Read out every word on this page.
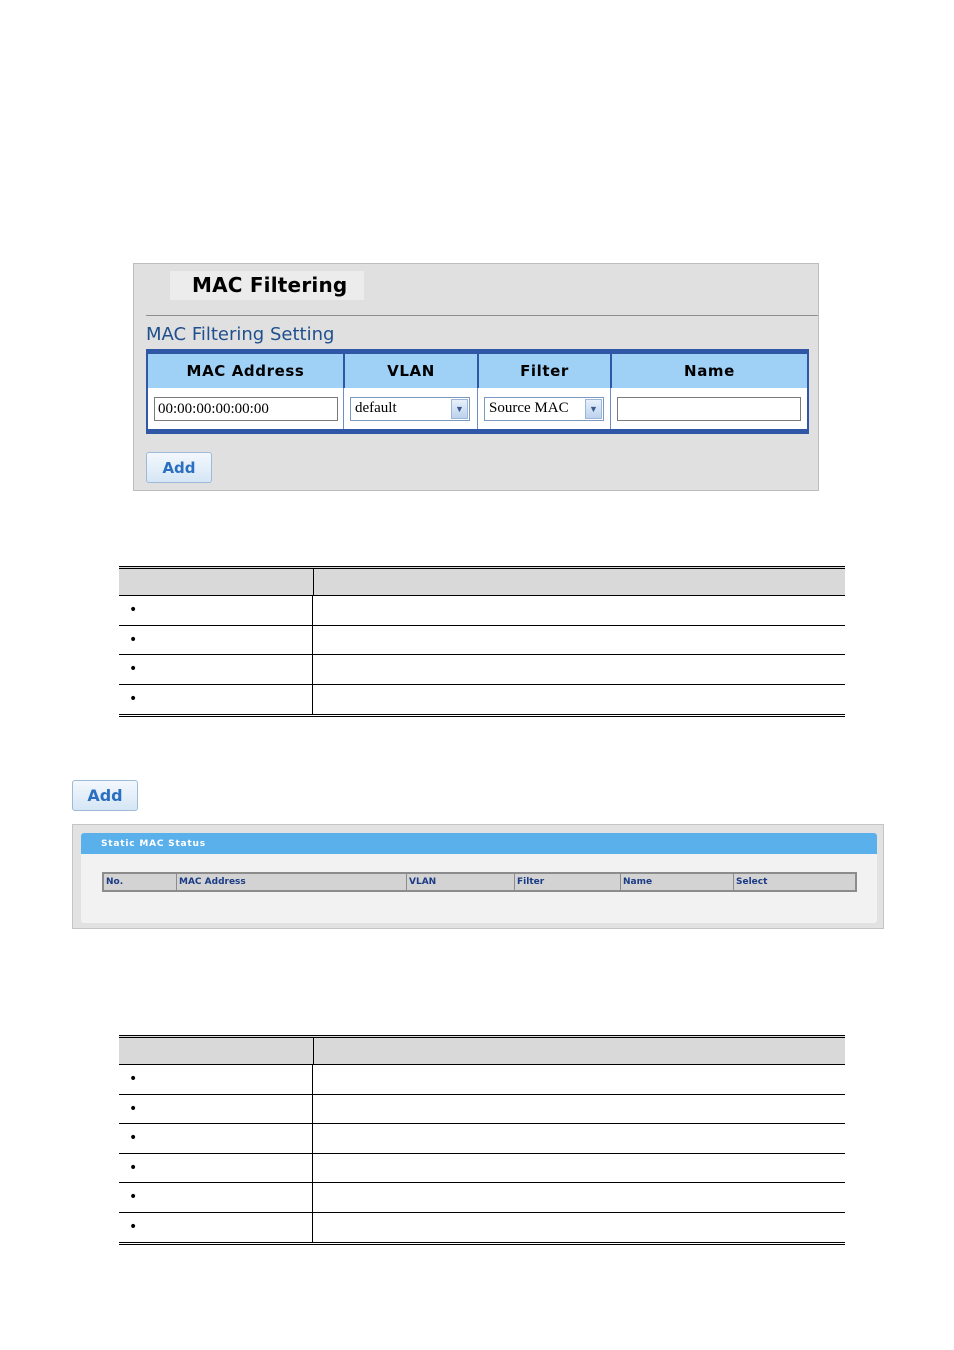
MAC Filtering
MAC Filtering Setting
MAC Address	VLAN	Filter	Name
00:00:00:00:00:00	default	▼ Source MAC	▼
Add
•
•
•
•
Add
Static MAC Status
No.	MAC Address	VLAN	Filter	Name	Select
•
•
•
•
•
•
